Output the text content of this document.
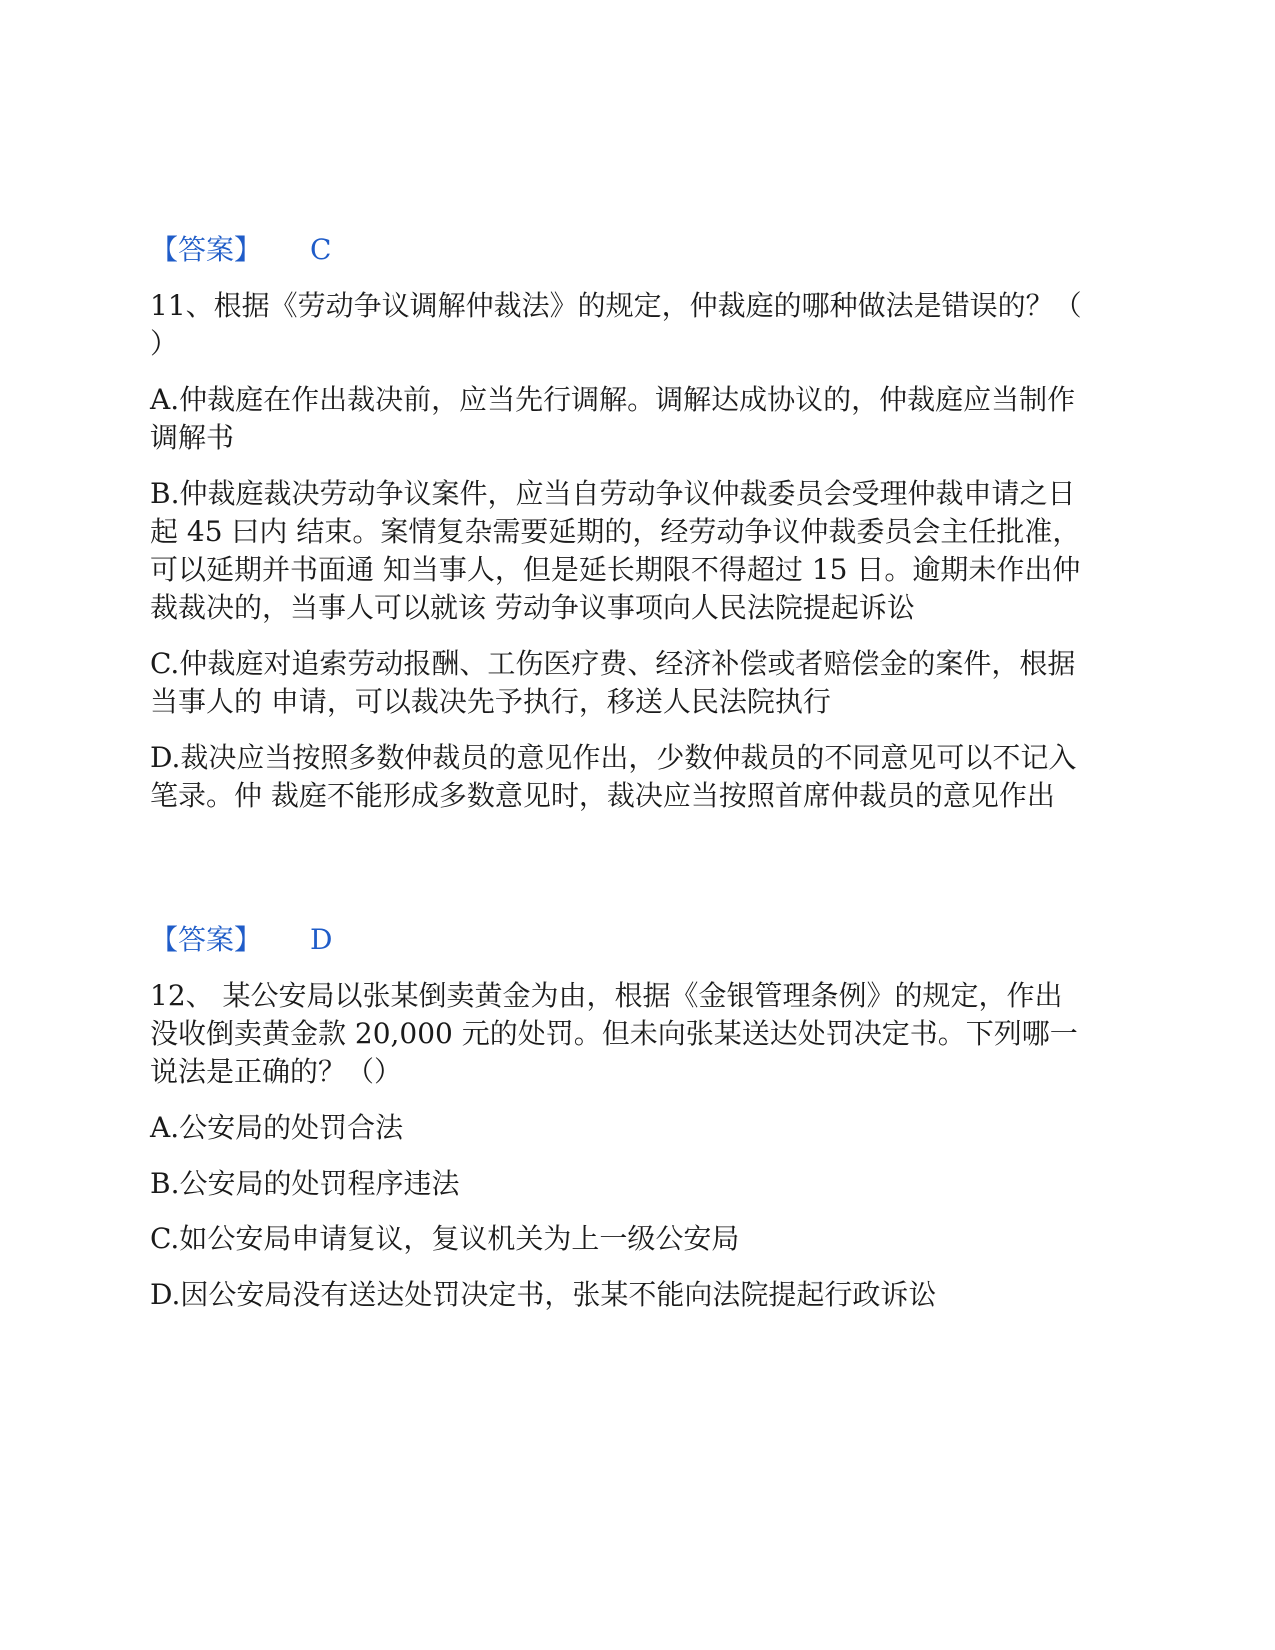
【答案】 C
11、根据《劳动争议调解仲裁法》的规定，仲裁庭的哪种做法是错误的？（
）
A.仲裁庭在作出裁决前，应当先行调解。调解达成协议的，仲裁庭应当制作
调解书
B.仲裁庭裁决劳动争议案件，应当自劳动争议仲裁委员会受理仲裁申请之日
起 45 曰内 结束。案情复杂需要延期的，经劳动争议仲裁委员会主任批准，
可以延期并书面通 知当事人，但是延长期限不得超过 15 日。逾期未作出仲
裁裁决的，当事人可以就该 劳动争议事项向人民法院提起诉讼
C.仲裁庭对追索劳动报酬、工伤医疗费、经济补偿或者赔偿金的案件，根据
当事人的 申请，可以裁决先予执行，移送人民法院执行
D.裁决应当按照多数仲裁员的意见作出，少数仲裁员的不同意见可以不记入
笔录。仲 裁庭不能形成多数意见时，裁决应当按照首席仲裁员的意见作出
【答案】 D
12、 某公安局以张某倒卖黄金为由，根据《金银管理条例》的规定，作出
没收倒卖黄金款 20,000 元的处罚。但未向张某送达处罚决定书。下列哪一
说法是正确的？（）
A.公安局的处罚合法
B.公安局的处罚程序违法
C.如公安局申请复议，复议机关为上一级公安局
D.因公安局没有送达处罚决定书，张某不能向法院提起行政诉讼
